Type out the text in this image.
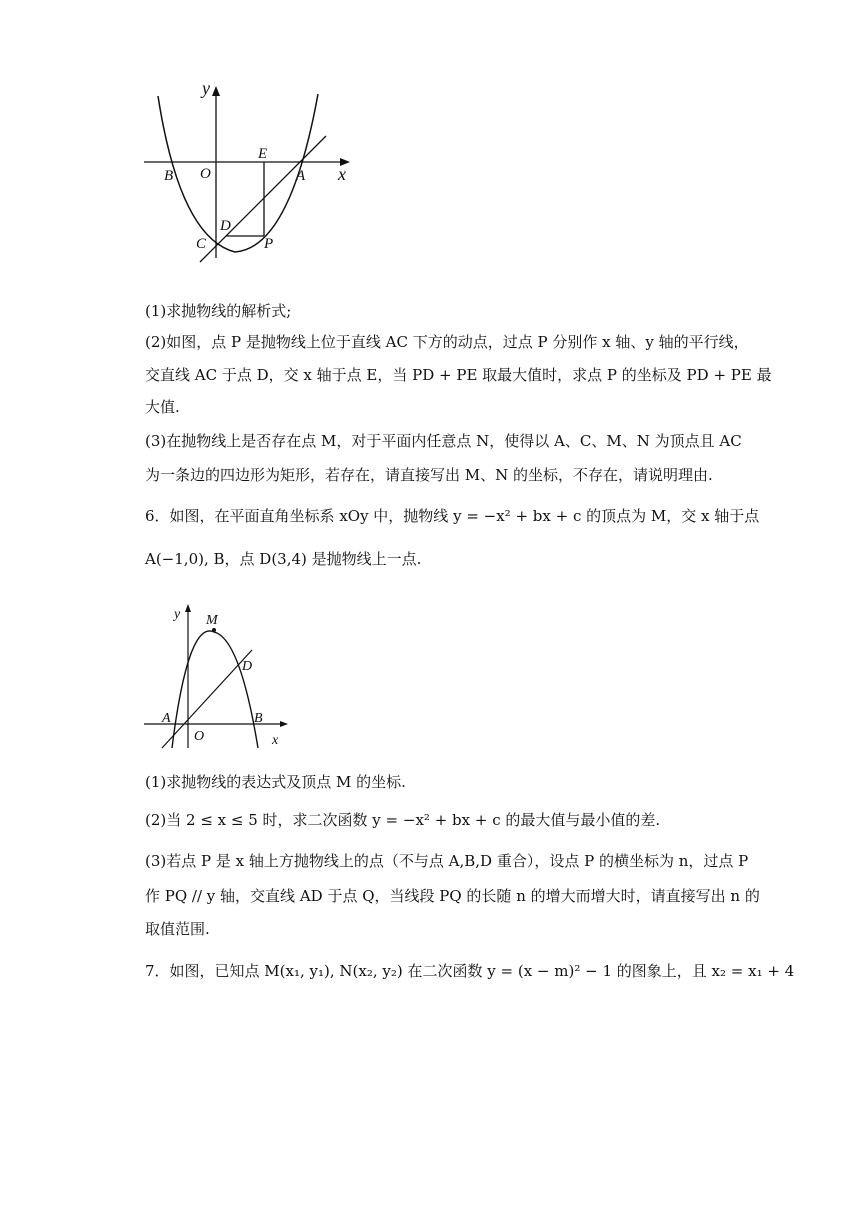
y
x
E
B O	A
D
C	P
(1)求抛物线的解析式;
(2)如图，点 P 是抛物线上位于直线 AC 下方的动点，过点 P 分别作 x 轴、y 轴的平行线，
交直线 AC 于点 D，交 x 轴于点 E，当 PD + PE 取最大值时，求点 P 的坐标及 PD + PE 最
大值.
(3)在抛物线上是否存在点 M，对于平面内任意点 N，使得以 A、C、M、N 为顶点且 AC
为一条边的四边形为矩形，若存在，请直接写出 M、N 的坐标，不存在，请说明理由.
6．如图，在平面直角坐标系 xOy 中，抛物线 y = −x² + bx + c 的顶点为 M，交 x 轴于点
A(−1,0), B，点 D(3,4) 是抛物线上一点.
y M
D
A	B
O	x
(1)求抛物线的表达式及顶点 M 的坐标.
(2)当 2 ≤ x ≤ 5 时，求二次函数 y = −x² + bx + c 的最大值与最小值的差.
(3)若点 P 是 x 轴上方抛物线上的点（不与点 A,B,D 重合），设点 P 的横坐标为 n，过点 P
作 PQ // y 轴，交直线 AD 于点 Q，当线段 PQ 的长随 n 的增大而增大时，请直接写出 n 的
取值范围.
7．如图，已知点 M(x₁, y₁), N(x₂, y₂) 在二次函数 y = (x − m)² − 1 的图象上，且 x₂ = x₁ + 4
